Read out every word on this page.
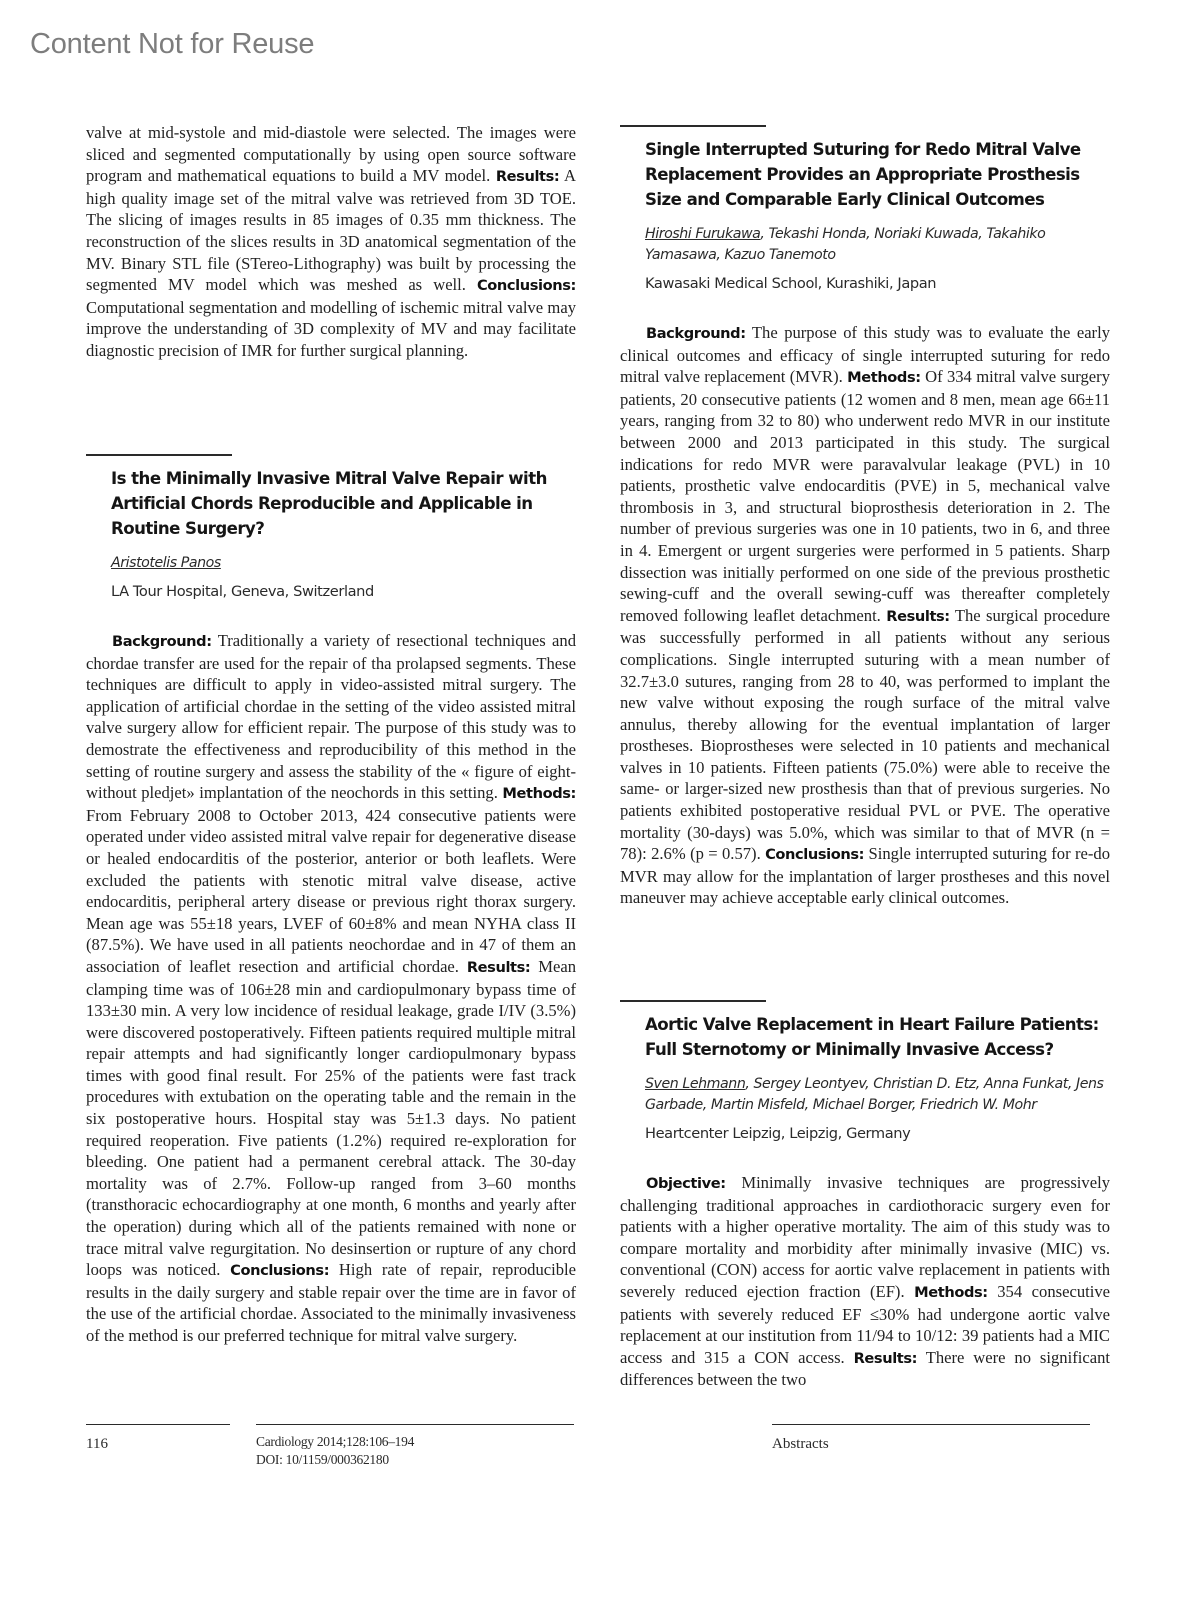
Content Not for Reuse

valve at mid-systole and mid-diastole were selected. The images were sliced and segmented computationally by using open source software program and mathematical equations to build a MV model. Results: A high quality image set of the mitral valve was retrieved from 3D TOE. The slicing of images results in 85 images of 0.35 mm thickness. The reconstruction of the slices results in 3D anatomical segmentation of the MV. Binary STL file (STereo-Lithography) was built by processing the segmented MV model which was meshed as well. Conclusions: Computational segmentation and modelling of ischemic mitral valve may improve the understanding of 3D complexity of MV and may facilitate diagnostic precision of IMR for further surgical planning.

Is the Minimally Invasive Mitral Valve Repair with Artificial Chords Reproducible and Applicable in Routine Surgery?
Aristotelis Panos
LA Tour Hospital, Geneva, Switzerland

Background: Traditionally a variety of resectional techniques and chordae transfer are used for the repair of tha prolapsed segments. These techniques are difficult to apply in video-assisted mitral surgery. The application of artificial chordae in the setting of the video assisted mitral valve surgery allow for efficient repair. The purpose of this study was to demostrate the effectiveness and reproducibility of this method in the setting of routine surgery and assess the stability of the « figure of eight-without pledjet» implantation of the neochords in this setting. Methods: From February 2008 to October 2013, 424 consecutive patients were operated under video assisted mitral valve repair for degenerative disease or healed endocarditis of the posterior, anterior or both leaflets. Were excluded the patients with stenotic mitral valve disease, active endocarditis, peripheral artery disease or previous right thorax surgery. Mean age was 55±18 years, LVEF of 60±8% and mean NYHA class II (87.5%). We have used in all patients neochordae and in 47 of them an association of leaflet resection and artificial chordae. Results: Mean clamping time was of 106±28 min and cardiopulmonary bypass time of 133±30 min. A very low incidence of residual leakage, grade I/IV (3.5%) were discovered postoperatively. Fifteen patients required multiple mitral repair attempts and had significantly longer cardiopulmonary bypass times with good final result. For 25% of the patients were fast track procedures with extubation on the operating table and the remain in the six postoperative hours. Hospital stay was 5±1.3 days. No patient required reoperation. Five patients (1.2%) required re-exploration for bleeding. One patient had a permanent cerebral attack. The 30-day mortality was of 2.7%. Follow-up ranged from 3–60 months (transthoracic echocardiography at one month, 6 months and yearly after the operation) during which all of the patients remained with none or trace mitral valve regurgitation. No desinsertion or rupture of any chord loops was noticed. Conclusions: High rate of repair, reproducible results in the daily surgery and stable repair over the time are in favor of the use of the artificial chordae. Associated to the minimally invasiveness of the method is our preferred technique for mitral valve surgery.

Single Interrupted Suturing for Redo Mitral Valve Replacement Provides an Appropriate Prosthesis Size and Comparable Early Clinical Outcomes
Hiroshi Furukawa, Tekashi Honda, Noriaki Kuwada, Takahiko Yamasawa, Kazuo Tanemoto
Kawasaki Medical School, Kurashiki, Japan

Background: The purpose of this study was to evaluate the early clinical outcomes and efficacy of single interrupted suturing for redo mitral valve replacement (MVR). Methods: Of 334 mitral valve surgery patients, 20 consecutive patients (12 women and 8 men, mean age 66±11 years, ranging from 32 to 80) who underwent redo MVR in our institute between 2000 and 2013 participated in this study. The surgical indications for redo MVR were paravalvular leakage (PVL) in 10 patients, prosthetic valve endocarditis (PVE) in 5, mechanical valve thrombosis in 3, and structural bioprosthesis deterioration in 2. The number of previous surgeries was one in 10 patients, two in 6, and three in 4. Emergent or urgent surgeries were performed in 5 patients. Sharp dissection was initially performed on one side of the previous prosthetic sewing-cuff and the overall sewing-cuff was thereafter completely removed following leaflet detachment. Results: The surgical procedure was successfully performed in all patients without any serious complications. Single interrupted suturing with a mean number of 32.7±3.0 sutures, ranging from 28 to 40, was performed to implant the new valve without exposing the rough surface of the mitral valve annulus, thereby allowing for the eventual implantation of larger prostheses. Bioprostheses were selected in 10 patients and mechanical valves in 10 patients. Fifteen patients (75.0%) were able to receive the same- or larger-sized new prosthesis than that of previous surgeries. No patients exhibited postoperative residual PVL or PVE. The operative mortality (30-days) was 5.0%, which was similar to that of MVR (n = 78): 2.6% (p = 0.57). Conclusions: Single interrupted suturing for re-do MVR may allow for the implantation of larger prostheses and this novel maneuver may achieve acceptable early clinical outcomes.

Aortic Valve Replacement in Heart Failure Patients: Full Sternotomy or Minimally Invasive Access?
Sven Lehmann, Sergey Leontyev, Christian D. Etz, Anna Funkat, Jens Garbade, Martin Misfeld, Michael Borger, Friedrich W. Mohr
Heartcenter Leipzig, Leipzig, Germany

Objective: Minimally invasive techniques are progressively challenging traditional approaches in cardiothoracic surgery even for patients with a higher operative mortality. The aim of this study was to compare mortality and morbidity after minimally invasive (MIC) vs. conventional (CON) access for aortic valve replacement in patients with severely reduced ejection fraction (EF). Methods: 354 consecutive patients with severely reduced EF ≤30% had undergone aortic valve replacement at our institution from 11/94 to 10/12: 39 patients had a MIC access and 315 a CON access. Results: There were no significant differences between the two

116	Cardiology 2014;128:106–194
DOI: 10/1159/000362180
Abstracts
